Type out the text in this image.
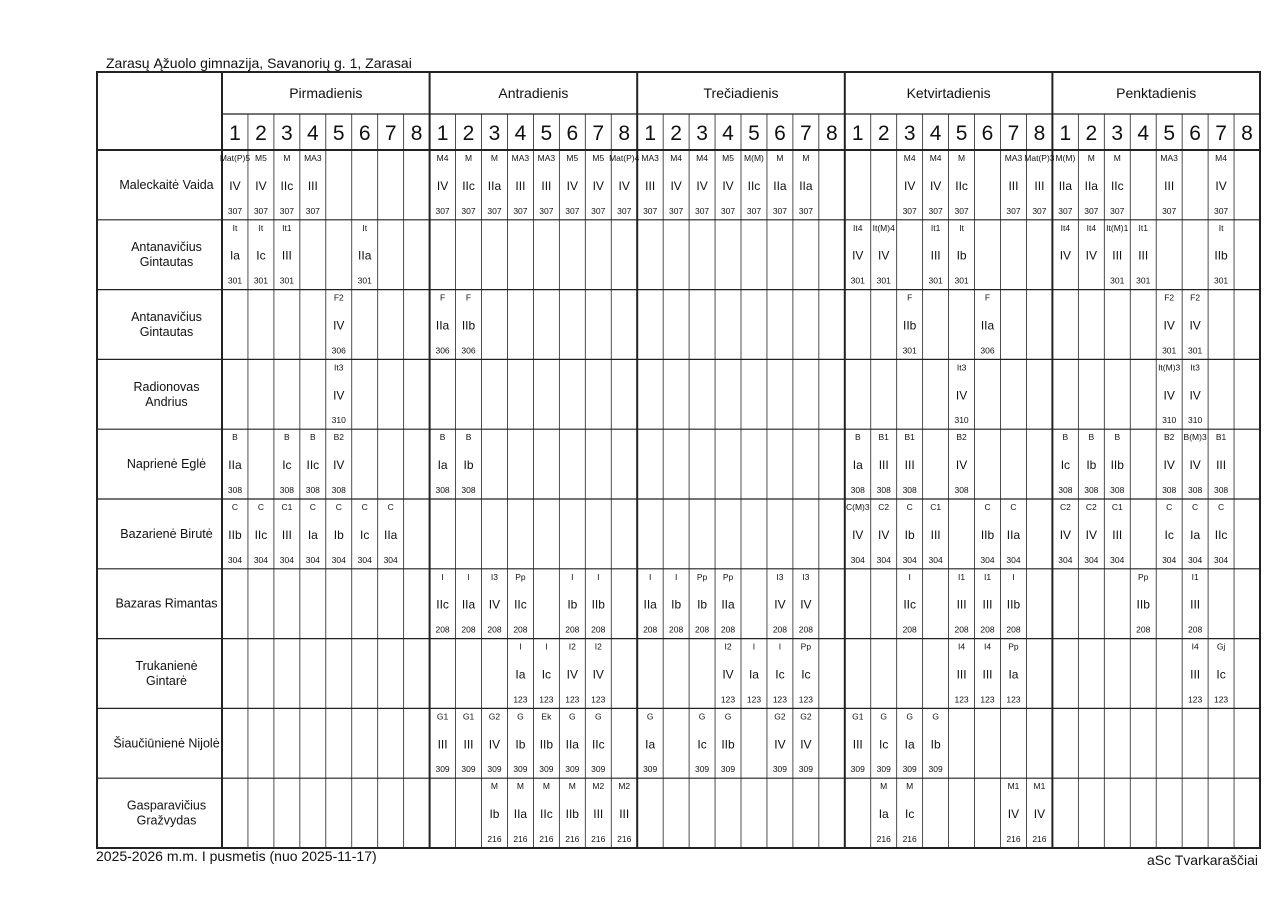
Zarasų Ąžuolo gimnazija, Savanorių g. 1, Zarasai
Pirmadienis
1 2 3 4 5 6 7 8
Antradienis
1 2 3 4 5 6 7 8
Trečiadienis
1 2 3 4 5 6 7 8
Ketvirtadienis
1 2 3 4 5 6 7 8
Penktadienis
1 2 3 4 5 6 7 8
Maleckaitė Vaida
Mat(P)5
IV
307
M5
IV
307
M
IIc
307
MA3
III
307
M4
IV
307
M
IIc
307
M
IIa
307
MA3
III
307
MA3
III
307
M5
IV
307
M5
IV
307
Mat(P)4
IV
307
MA3
III
307
M4
IV
307
M4
IV
307
M5
IV
307
M(M)
IIc
307
M
IIa
307
M
IIa
307
M4
IV
307
M4
IV
307
M
IIc
307
MA3
III
307
Mat(P)3
III
307
M(M)
IIa
307
M
IIa
307
M
IIc
307
MA3
III
307
M4
IV
307
Antanavičius
Gintautas
It
Ia
301
It
Ic
301
It1
III
301
It
IIa
301
It4
IV
301
It(M)4
IV
301
It1
III
301
It
Ib
301
It4
IV
It4
IV
It(M)1
III
301
It1
III
301
It
IIb
301
Antanavičius
Gintautas
F2
IV
306
F
IIa
306
F
IIb
306
F
IIb
301
F
IIa
306
F2
IV
301
F2
IV
301
Radionovas
Andrius
It3
IV
310
It3
IV
310
It(M)3
IV
310
It3
IV
310
Naprienė Eglė
B
IIa
308
B
Ic
308
B
IIc
308
B2
IV
308
B
Ia
308
B
Ib
308
B
Ia
308
B1
III
308
B1
III
308
B2
IV
308
B
Ic
308
B
Ib
308
B
IIb
308
B2
IV
308
B(M)3
IV
308
B1
III
308
Bazarienė Birutė
C
IIb
304
C
IIc
304
C1
III
304
C
Ia
304
C
Ib
304
C
Ic
304
C
IIa
304
C(M)3
IV
304
C2
IV
304
C
Ib
304
C1
III
304
C
IIb
304
C
IIa
304
C2
IV
304
C2
IV
304
C1
III
304
C
Ic
304
C
Ia
304
C
IIc
304
Bazaras Rimantas
I
IIc
208
I
IIa
208
I3
IV
208
Pp
IIc
208
I
Ib
208
I
IIb
208
I
IIa
208
I
Ib
208
Pp
Ib
208
Pp
IIa
208
I3
IV
208
I3
IV
208
I
IIc
208
I1
III
208
I1
III
208
I
IIb
208
Pp
IIb
208
I1
III
208
Trukanienė
Gintarė
I
Ia
123
I
Ic
123
I2
IV
123
I2
IV
123
I2
IV
123
I
Ia
123
I
Ic
123
Pp
Ic
123
I4
III
123
I4
III
123
Pp
Ia
123
I4
III
123
Gj
Ic
123
Šiaučiūnienė Nijolė
G1
III
309
G1
III
309
G2
IV
309
G
Ib
309
Ek
IIb
309
G
IIa
309
G
IIc
309
G
Ia
309
G
Ic
309
G
IIb
309
G2
IV
309
G2
IV
309
G1
III
309
G
Ic
309
G
Ia
309
G
Ib
309
Gasparavičius
Gražvydas
M
Ib
216
M
IIa
216
M
IIc
216
M
IIb
216
M2
III
216
M2
III
216
M
Ia
216
M
Ic
216
M1
IV
216
M1
IV
216
2025-2026 m.m. I pusmetis (nuo 2025-11-17)	aSc Tvarkaraščiai
